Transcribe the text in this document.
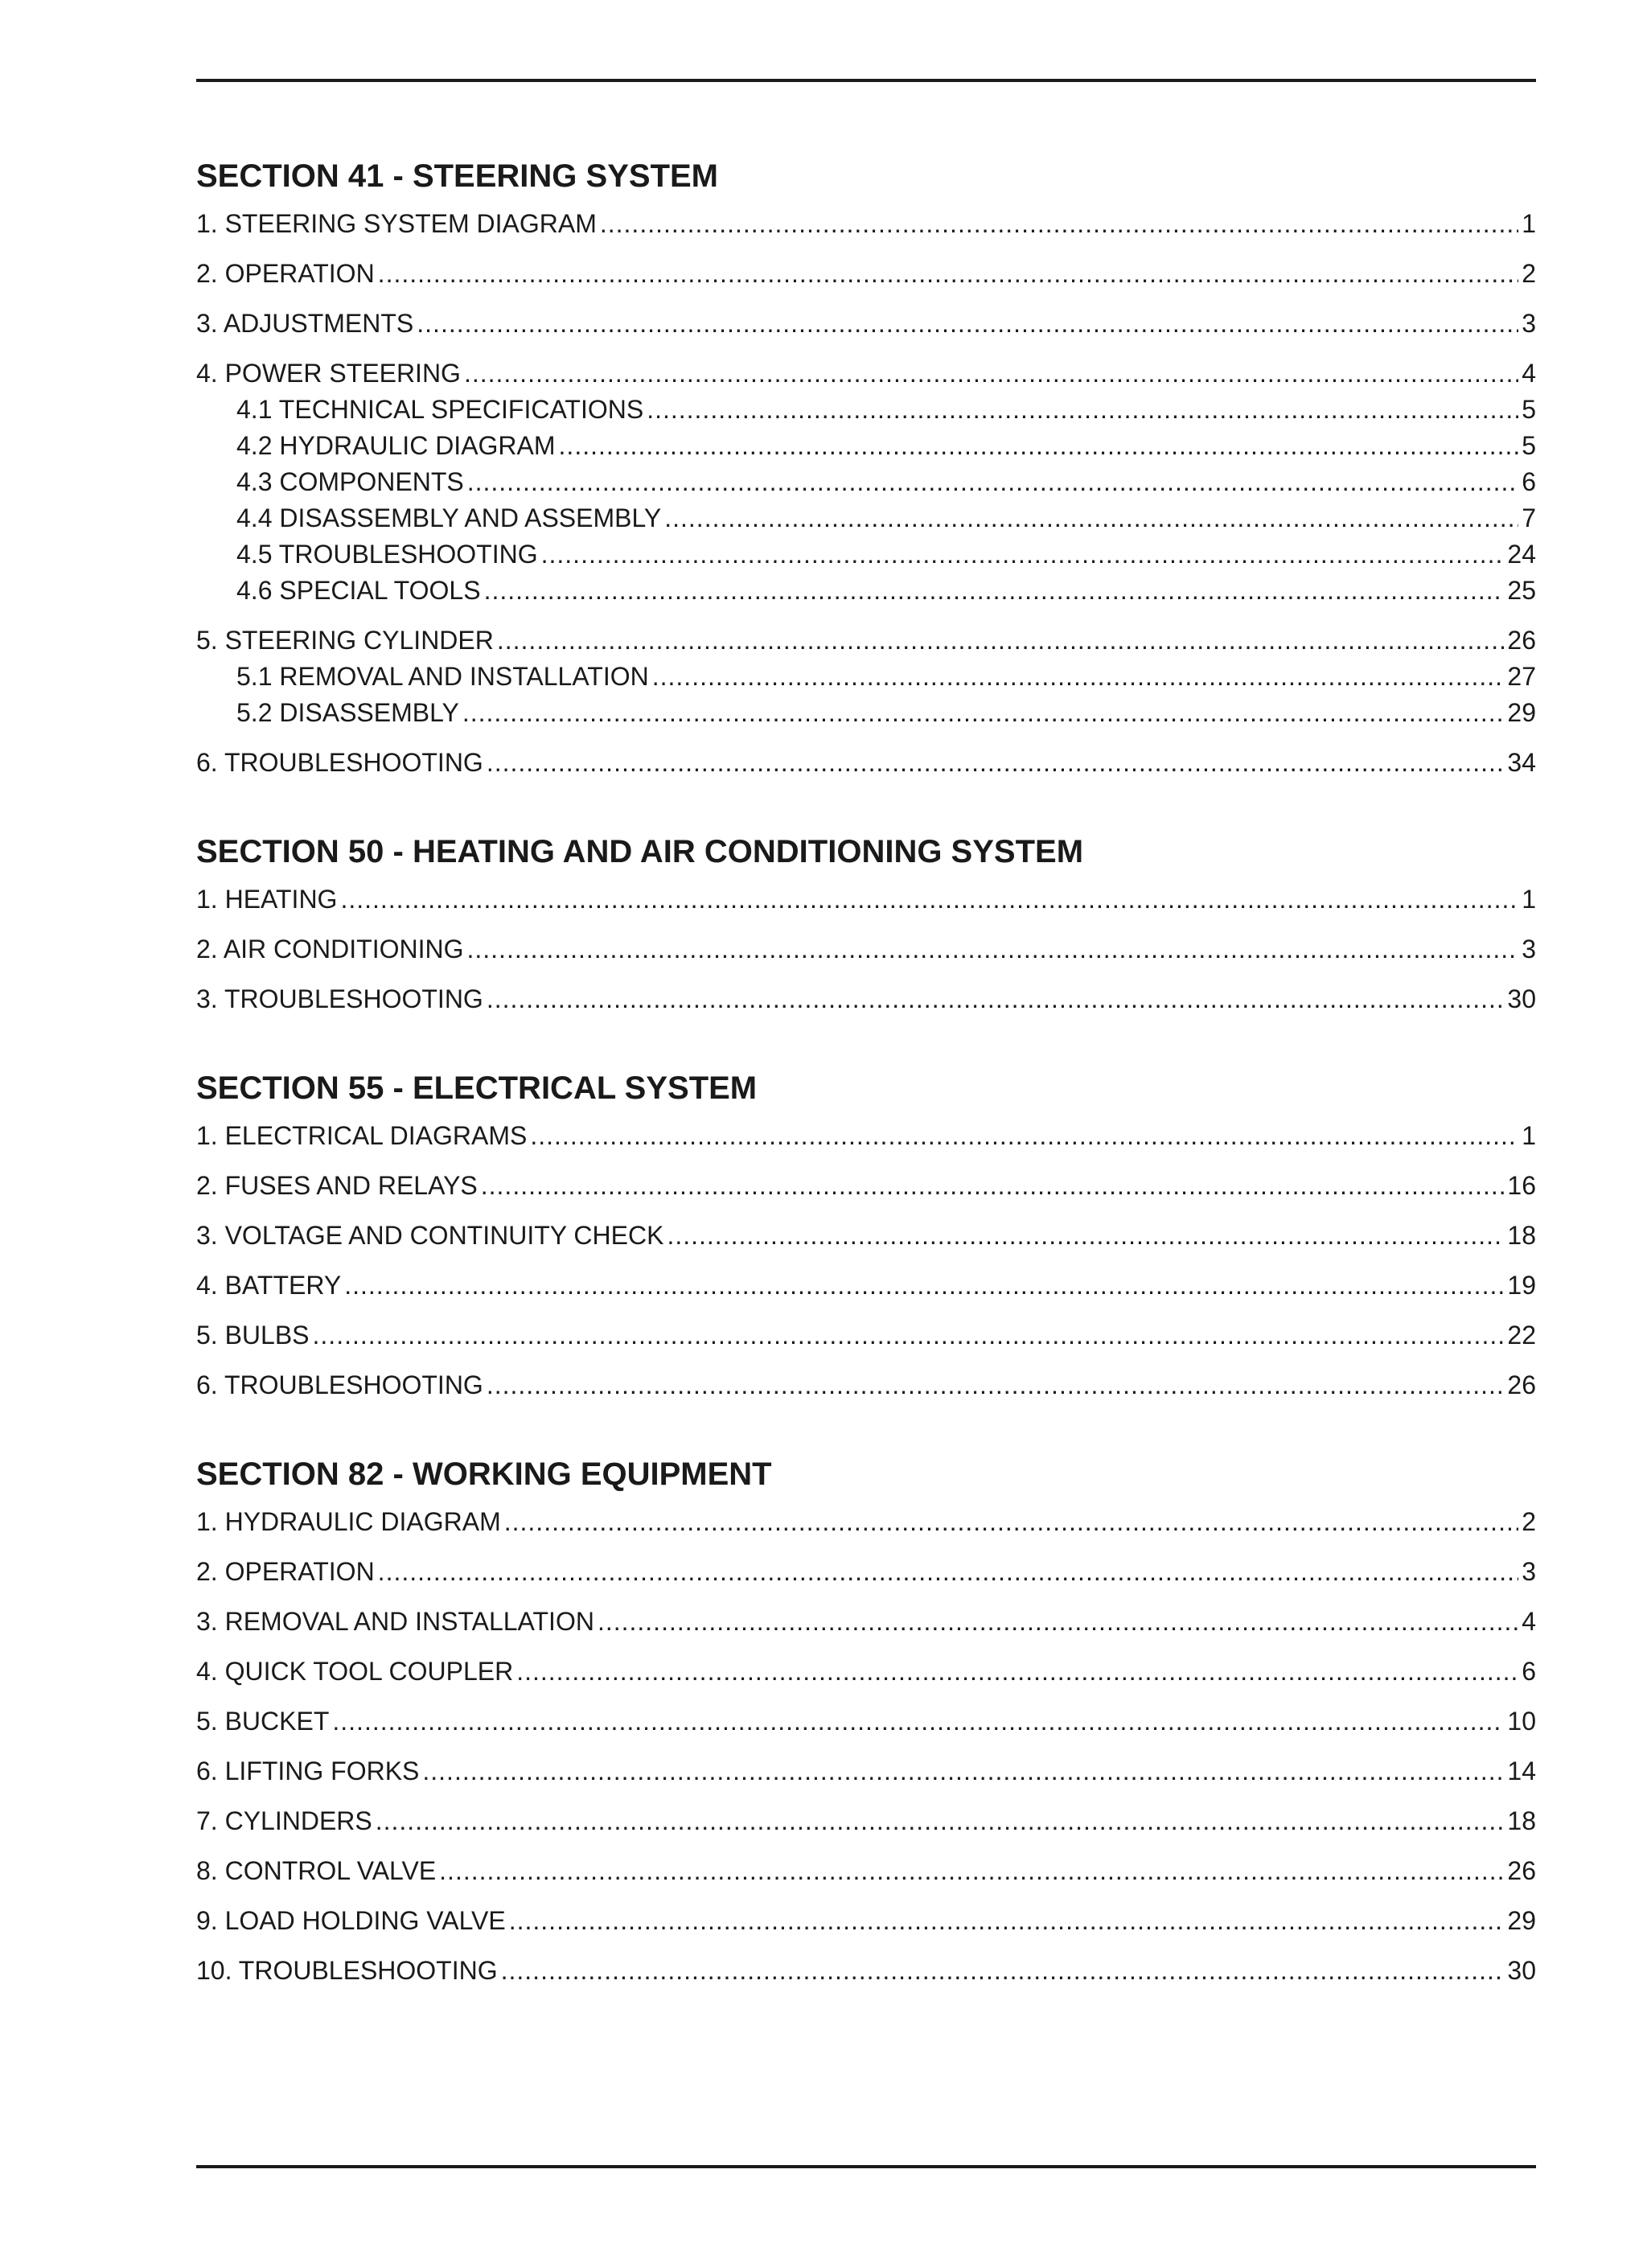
SECTION 41 - STEERING SYSTEM
1. STEERING SYSTEM DIAGRAM .....	1
2. OPERATION .....	2
3. ADJUSTMENTS .....	3
4. POWER STEERING .....	4
4.1 TECHNICAL SPECIFICATIONS .....	5
4.2 HYDRAULIC DIAGRAM .....	5
4.3 COMPONENTS .....	6
4.4 DISASSEMBLY AND ASSEMBLY .....	7
4.5 TROUBLESHOOTING .....	24
4.6 SPECIAL TOOLS .....	25
5. STEERING CYLINDER .....	26
5.1 REMOVAL AND INSTALLATION .....	27
5.2 DISASSEMBLY .....	29
6. TROUBLESHOOTING .....	34
SECTION 50 - HEATING AND AIR CONDITIONING SYSTEM
1. HEATING .....	1
2. AIR CONDITIONING .....	3
3. TROUBLESHOOTING .....	30
SECTION 55 - ELECTRICAL SYSTEM
1. ELECTRICAL DIAGRAMS .....	1
2. FUSES AND RELAYS .....	16
3. VOLTAGE AND CONTINUITY CHECK .....	18
4. BATTERY .....	19
5. BULBS .....	22
6. TROUBLESHOOTING .....	26
SECTION 82 - WORKING EQUIPMENT
1. HYDRAULIC DIAGRAM .....	2
2. OPERATION .....	3
3. REMOVAL AND INSTALLATION .....	4
4. QUICK TOOL COUPLER .....	6
5. BUCKET .....	10
6. LIFTING FORKS .....	14
7. CYLINDERS .....	18
8. CONTROL VALVE .....	26
9. LOAD HOLDING VALVE .....	29
10. TROUBLESHOOTING .....	30
